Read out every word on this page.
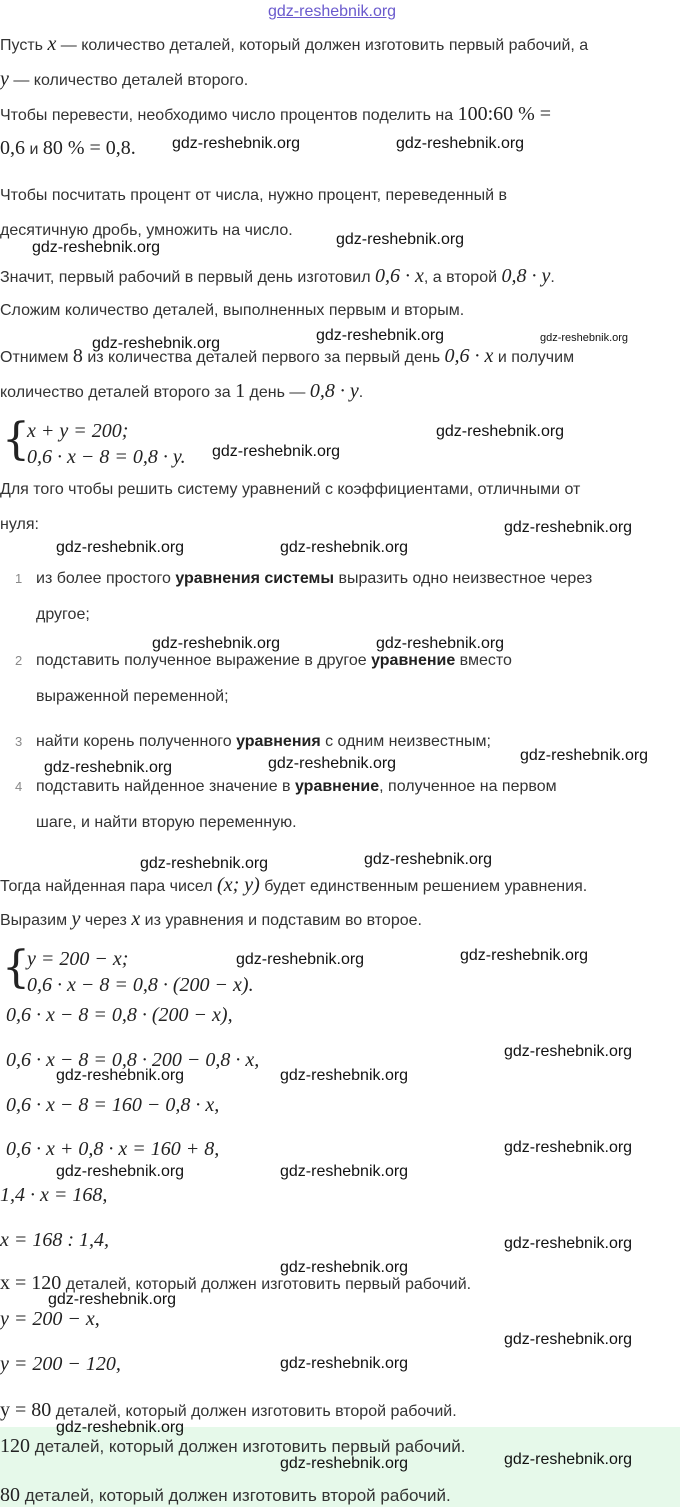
gdz-reshebnik.org
Пусть x — количество деталей, который должен изготовить первый рабочий, а
y — количество деталей второго.
Чтобы перевести, необходимо число процентов поделить на 100:60 % =
0,6 и 80 % = 0,8. gdz-reshebnik.org	gdz-reshebnik.org
Чтобы посчитать процент от числа, нужно процент, переведенный в
десятичную дробь, умножить на число.
gdz-reshebnik.org	gdz-reshebnik.org
Значит, первый рабочий в первый день изготовил 0,6 · x, а второй 0,8 · y.
Сложим количество деталей, выполненных первым и вторым.
gdz-reshebnik.org	gdz-reshebnik.org	gdz-reshebnik.org
Отнимем 8 из количества деталей первого за первый день 0,6 · x и получим
количество деталей второго за 1 день — 0,8 · y.
{
x + y = 200;
0,6 · x − 8 = 0,8 · y. gdz-reshebnik.org
gdz-reshebnik.org
Для того чтобы решить систему уравнений с коэффициентами, отличными от
нуля:	gdz-reshebnik.org
gdz-reshebnik.org	gdz-reshebnik.org
1 из более простого уравнения системы выразить одно неизвестное через
другое;
gdz-reshebnik.org	gdz-reshebnik.org
2 подставить полученное выражение в другое уравнение вместо
выраженной переменной;
3 найти корень полученного уравнения с одним неизвестным;
gdz-reshebnik.org
gdz-reshebnik.org
gdz-reshebnik.org
4 подставить найденное значение в уравнение, полученное на первом
шаге, и найти вторую переменную.
gdz-reshebnik.org	gdz-reshebnik.org
Тогда найденная пара чисел (x; y) будет единственным решением уравнения.
Выразим y через x из уравнения и подставим во второе.
{
y = 200 − x;
0,6 · x − 8 = 0,8 · (200 − x).
gdz-reshebnik.org	gdz-reshebnik.org
0,6 · x − 8 = 0,8 · (200 − x),
0,6 · x − 8 = 0,8 · 200 − 0,8 · x,	gdz-reshebnik.org
gdz-reshebnik.org	gdz-reshebnik.org
0,6 · x − 8 = 160 − 0,8 · x,
0,6 · x + 0,8 · x = 160 + 8,	gdz-reshebnik.org
gdz-reshebnik.org	gdz-reshebnik.org
1,4 · x = 168,
x = 168 : 1,4,	gdz-reshebnik.org
gdz-reshebnik.org
x = 120 деталей, который должен изготовить первый рабочий.
gdz-reshebnik.org
y = 200 − x,
gdz-reshebnik.org
y = 200 − 120,	gdz-reshebnik.org
y = 80 деталей, который должен изготовить второй рабочий.
gdz-reshebnik.org
120 деталей, который должен изготовить первый рабочий.
80 деталей, который должен изготовить второй рабочий.
gdz-reshebnik.org	gdz-reshebnik.org
